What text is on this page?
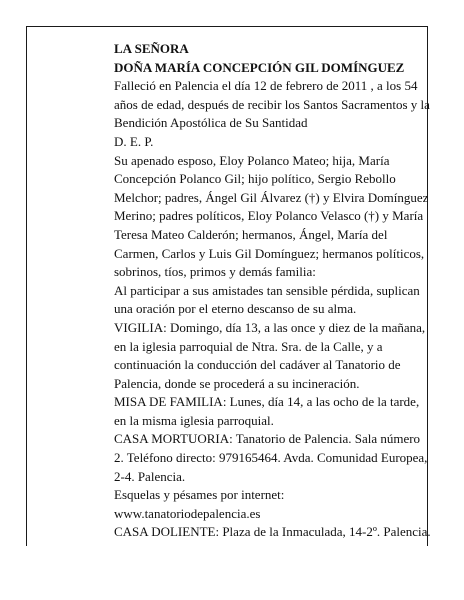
LA SEÑORA

DOÑA MARÍA CONCEPCIÓN GIL DOMÍNGUEZ

Falleció en Palencia el día 12 de febrero de 2011 , a los 54 años de edad, después de recibir los Santos Sacramentos y la Bendición Apostólica de Su Santidad

D. E. P.

Su apenado esposo, Eloy Polanco Mateo; hija, María Concepción Polanco Gil; hijo político, Sergio Rebollo Melchor; padres, Ángel Gil Álvarez (†) y Elvira Domínguez Merino; padres políticos, Eloy Polanco Velasco (†) y María Teresa Mateo Calderón; hermanos, Ángel, María del Carmen, Carlos y Luis Gil Domínguez; hermanos políticos, sobrinos, tíos, primos y demás familia:

Al participar a sus amistades tan sensible pérdida, suplican una oración por el eterno descanso de su alma.

VIGILIA: Domingo, día 13, a las once y diez de la mañana, en la iglesia parroquial de Ntra. Sra. de la Calle, y a continuación la conducción del cadáver al Tanatorio de Palencia, donde se procederá a su incineración.

MISA DE FAMILIA: Lunes, día 14, a las ocho de la tarde, en la misma iglesia parroquial.

CASA MORTUORIA: Tanatorio de Palencia. Sala número 2. Teléfono directo: 979165464. Avda. Comunidad Europea, 2-4. Palencia.

Esquelas y pésames por internet:

www.tanatoriodepalencia.es

CASA DOLIENTE: Plaza de la Inmaculada, 14-2º. Palencia.
